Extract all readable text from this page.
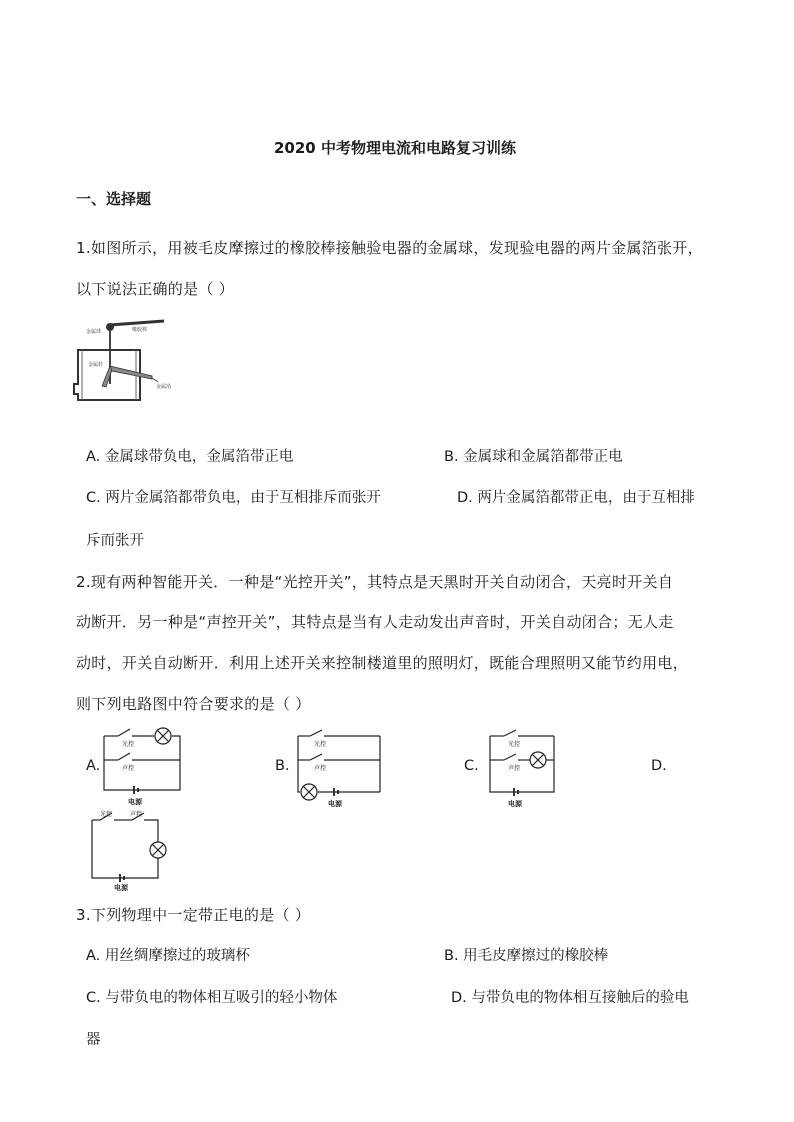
2020 中考物理电流和电路复习训练
一、选择题
1.如图所示，用被毛皮摩擦过的橡胶棒接触验电器的金属球，发现验电器的两片金属箔张开，
以下说法正确的是（ ）
橡胶棒
金属球
金属杆
金属箔
A. 金属球带负电，金属箔带正电	B. 金属球和金属箔都带正电
C. 两片金属箔都带负电，由于互相排斥而张开	D. 两片金属箔都带正电，由于互相排
斥而张开
2.现有两种智能开关．一种是“光控开关”，其特点是天黑时开关自动闭合，天亮时开关自
动断开．另一种是“声控开关”，其特点是当有人走动发出声音时，开关自动闭合；无人走
动时，开关自动断开．利用上述开关来控制楼道里的照明灯，既能合理照明又能节约用电，
则下列电路图中符合要求的是（ ）
A.	B.	C.	D.
光控
声控
电源
光控
声控
电源
光控
声控
电源
光控	声控
电源
3.下列物理中一定带正电的是（ ）
A. 用丝绸摩擦过的玻璃杯	B. 用毛皮摩擦过的橡胶棒
C. 与带负电的物体相互吸引的轻小物体	D. 与带负电的物体相互接触后的验电
器
